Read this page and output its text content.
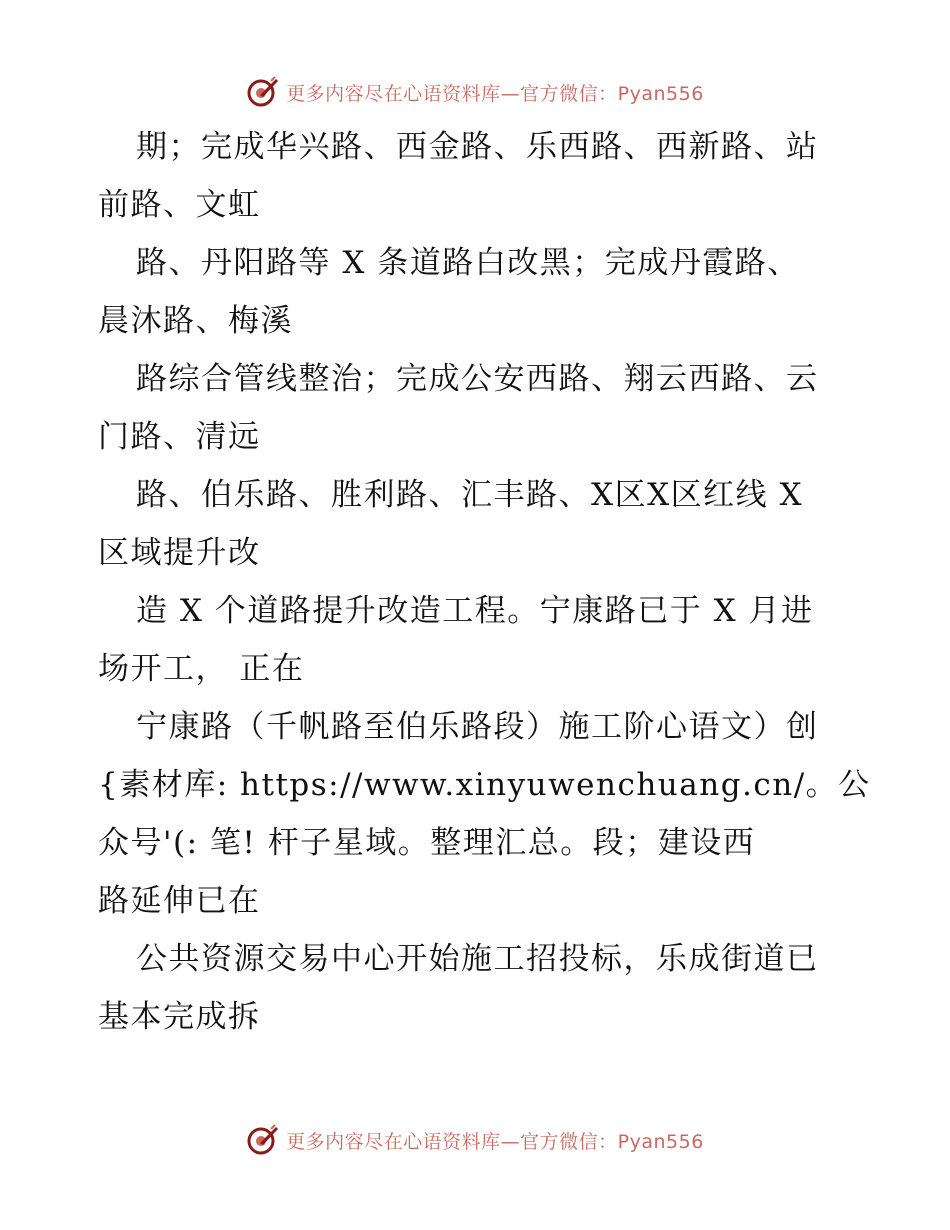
更多内容尽在心语资料库—官方微信：Pyan556
期；完成华兴路、西金路、乐西路、西新路、站
前路、文虹
路、丹阳路等 X 条道路白改黑；完成丹霞路、
晨沐路、梅溪
路综合管线整治；完成公安西路、翔云西路、云
门路、清远
路、伯乐路、胜利路、汇丰路、X区X区红线 X
区域提升改
造 X 个道路提升改造工程。宁康路已于 X 月进
场开工， 正在
宁康路（千帆路至伯乐路段）施工阶心语文）创
{素材库: https://www.xinyuwenchuang.cn/。公
众号'(: 笔! 杆子星域。整理汇总。段；建设西
路延伸已在
公共资源交易中心开始施工招投标，乐成街道已
基本完成拆
更多内容尽在心语资料库—官方微信：Pyan556
